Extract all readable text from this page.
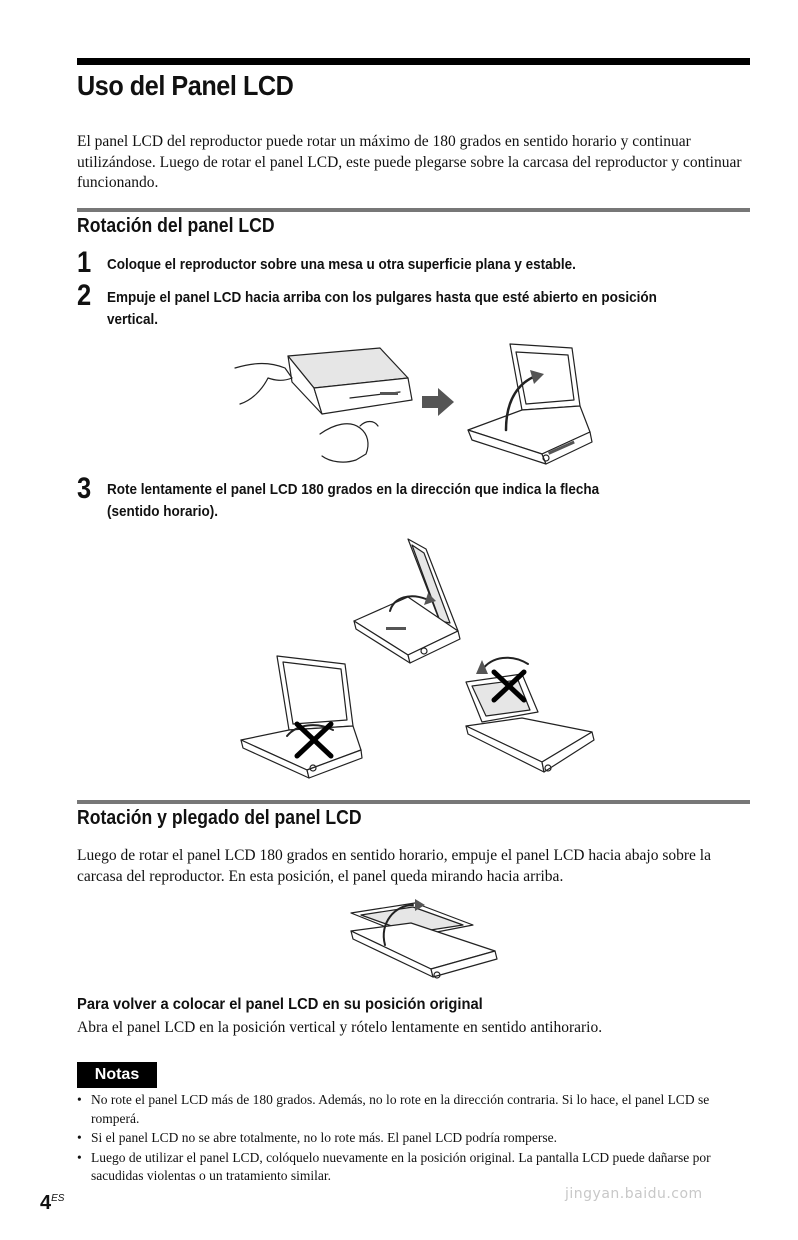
Uso del Panel LCD
El panel LCD del reproductor puede rotar un máximo de 180 grados en sentido horario y continuar utilizándose. Luego de rotar el panel LCD, este puede plegarse sobre la carcasa del reproductor y continuar funcionando.
Rotación del panel LCD
1 Coloque el reproductor sobre una mesa u otra superficie plana y estable.
2 Empuje el panel LCD hacia arriba con los pulgares hasta que esté abierto en posición
vertical.
3 Rote lentamente el panel LCD 180 grados en la dirección que indica la flecha
(sentido horario).
Rotación y plegado del panel LCD
Luego de rotar el panel LCD 180 grados en sentido horario, empuje el panel LCD hacia abajo sobre la carcasa del reproductor. En esta posición, el panel queda mirando hacia arriba.
Para volver a colocar el panel LCD en su posición original
Abra el panel LCD en la posición vertical y rótelo lentamente en sentido antihorario.
Notas
• No rote el panel LCD más de 180 grados. Además, no lo rote en la dirección contraria. Si lo hace, el panel LCD se romperá.
• Si el panel LCD no se abre totalmente, no lo rote más. El panel LCD podría romperse.
• Luego de utilizar el panel LCD, colóquelo nuevamente en la posición original. La pantalla LCD puede dañarse por sacudidas violentas o un tratamiento similar.
$4^{ES}$	jingyan.baidu.com
